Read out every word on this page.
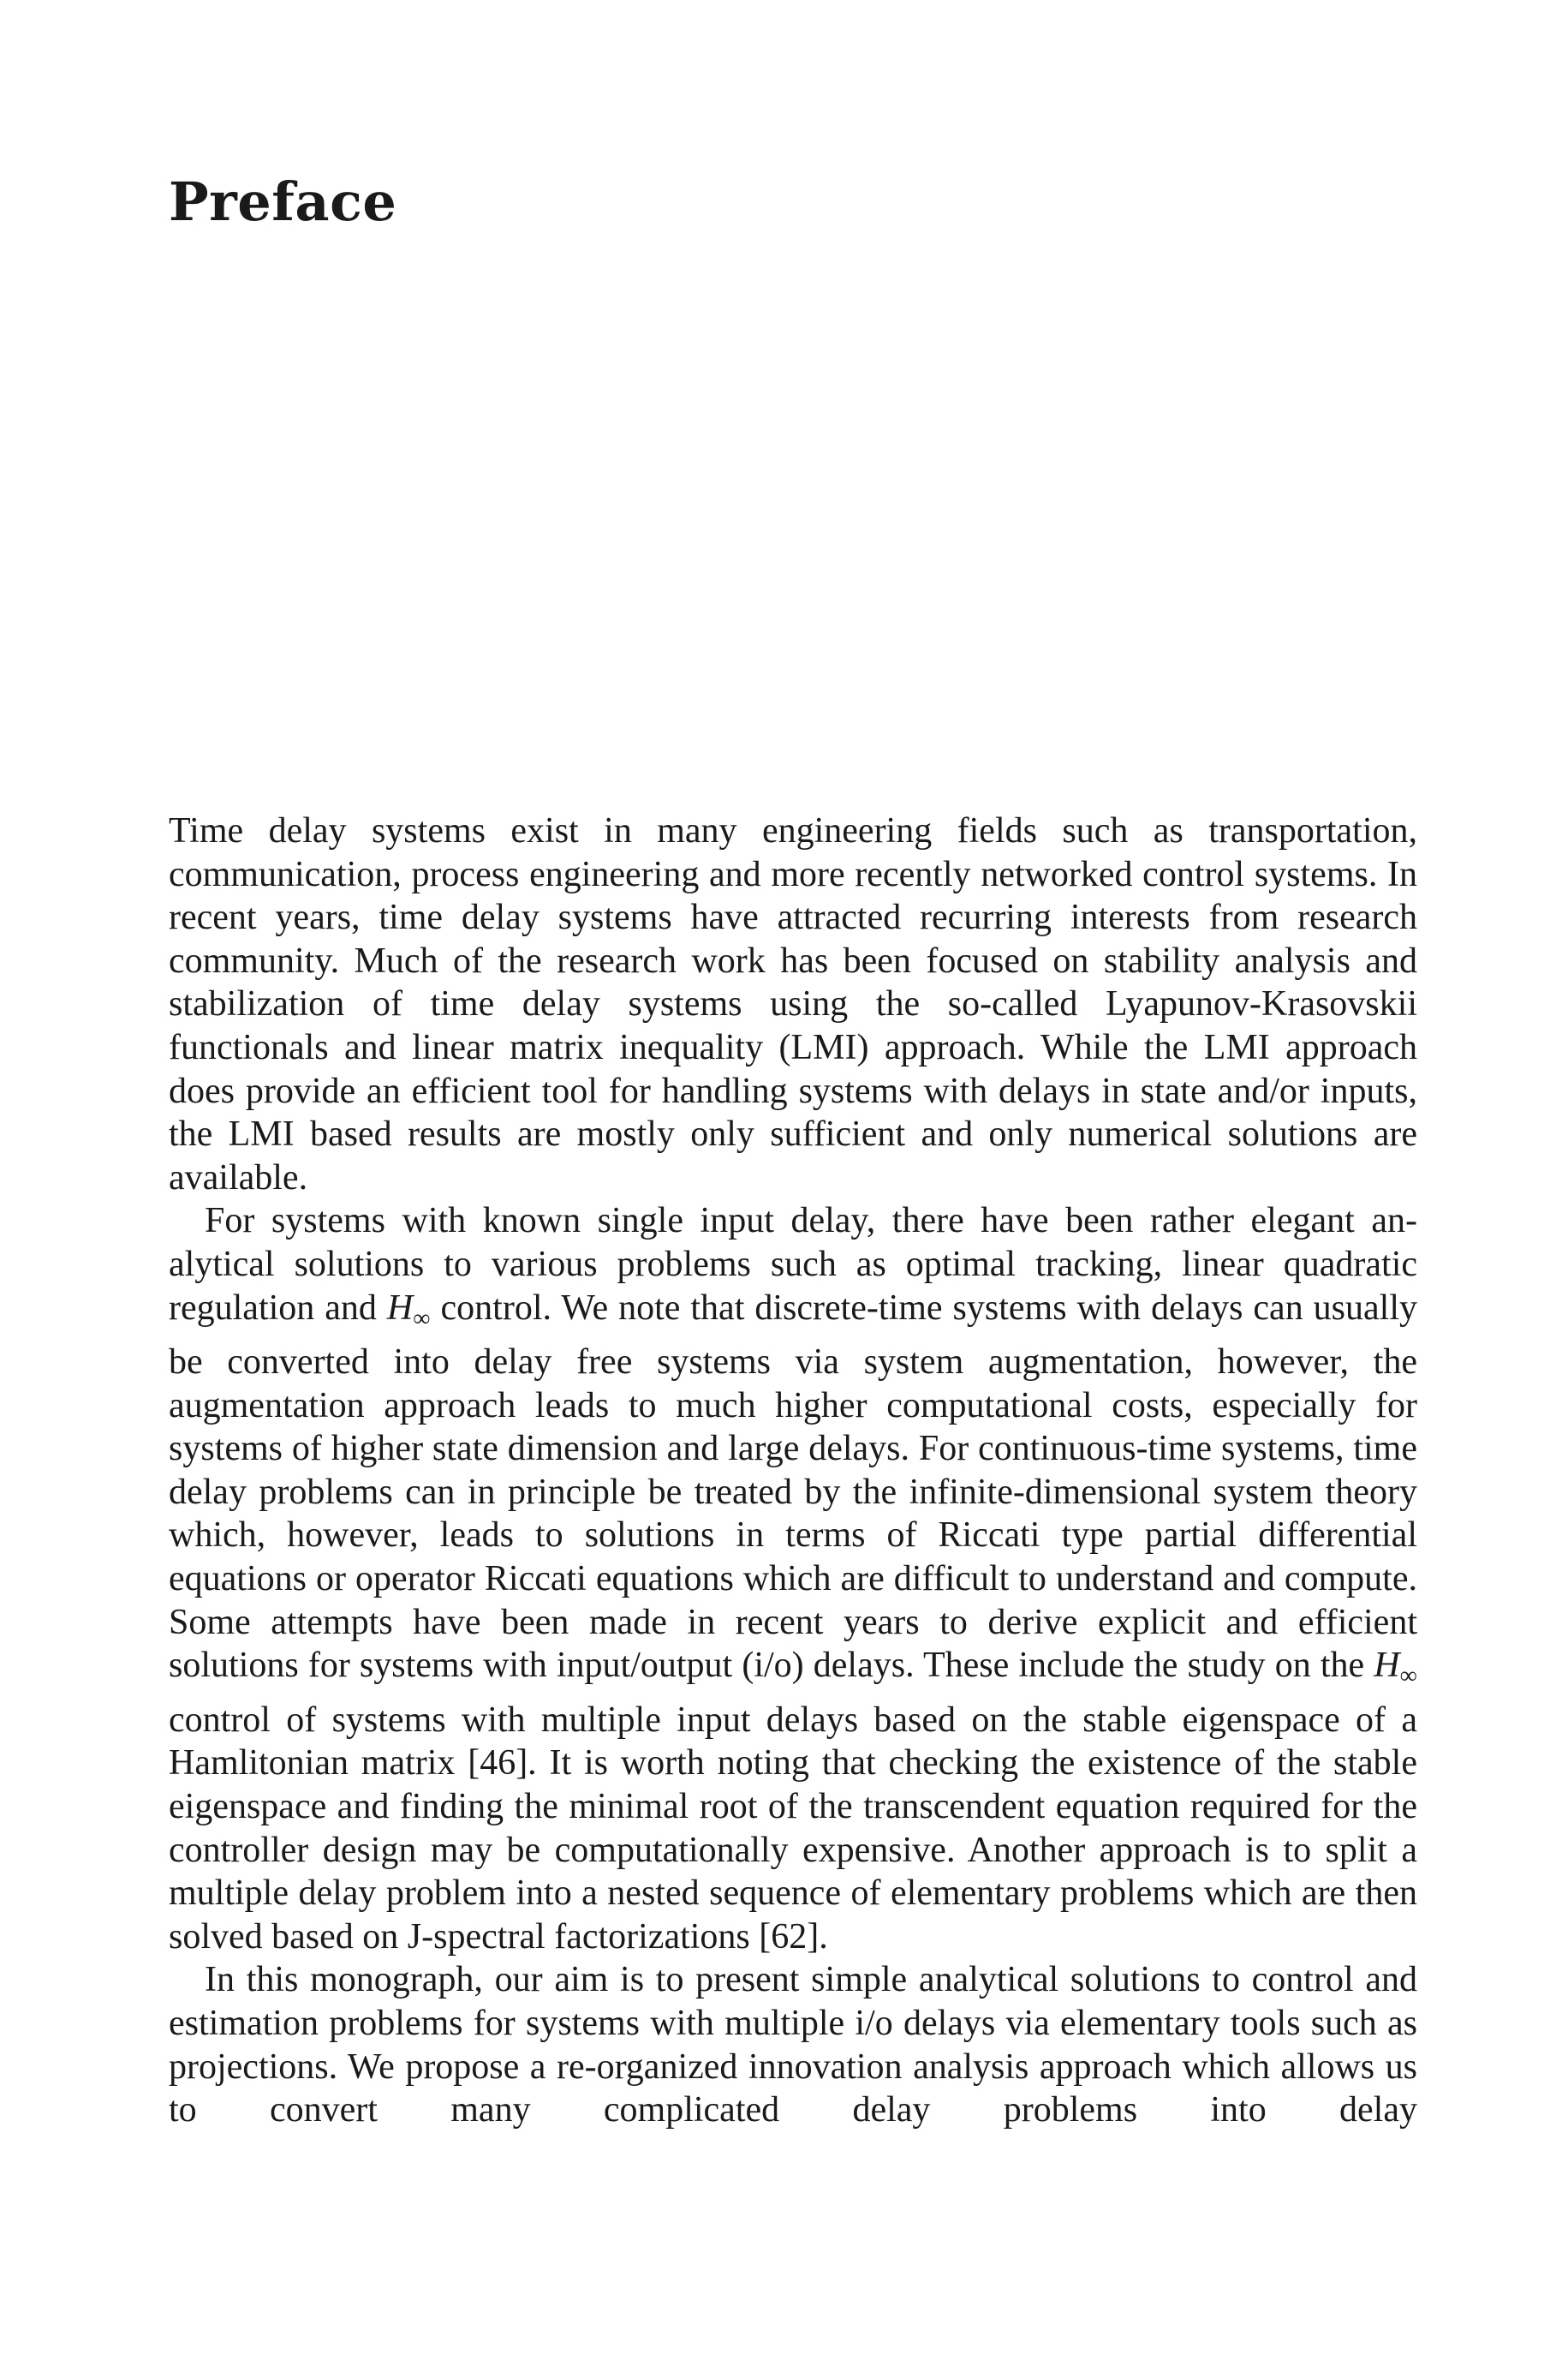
Preface

Time delay systems exist in many engineering fields such as transportation, communication, process engineering and more recently networked control systems. In recent years, time delay systems have attracted recurring interests from research community. Much of the research work has been focused on stability analysis and stabilization of time delay systems using the so-called Lyapunov-Krasovskii functionals and linear matrix inequality (LMI) approach. While the LMI approach does provide an efficient tool for handling systems with delays in state and/or inputs, the LMI based results are mostly only sufficient and only numerical solutions are available.

For systems with known single input delay, there have been rather elegant analytical solutions to various problems such as optimal tracking, linear quadratic regulation and $H_\infty$ control. We note that discrete-time systems with delays can usually be converted into delay free systems via system augmentation, however, the augmentation approach leads to much higher computational costs, especially for systems of higher state dimension and large delays. For continuous-time systems, time delay problems can in principle be treated by the infinite-dimensional system theory which, however, leads to solutions in terms of Riccati type partial differential equations or operator Riccati equations which are difficult to understand and compute. Some attempts have been made in recent years to derive explicit and efficient solutions for systems with input/output (i/o) delays. These include the study on the $H_\infty$ control of systems with multiple input delays based on the stable eigenspace of a Hamlitonian matrix [46]. It is worth noting that checking the existence of the stable eigenspace and finding the minimal root of the transcendent equation required for the controller design may be computationally expensive. Another approach is to split a multiple delay problem into a nested sequence of elementary problems which are then solved based on J-spectral factorizations [62].

In this monograph, our aim is to present simple analytical solutions to control and estimation problems for systems with multiple i/o delays via elementary tools such as projections. We propose a re-organized innovation analysis approach which allows us to convert many complicated delay problems into delay
